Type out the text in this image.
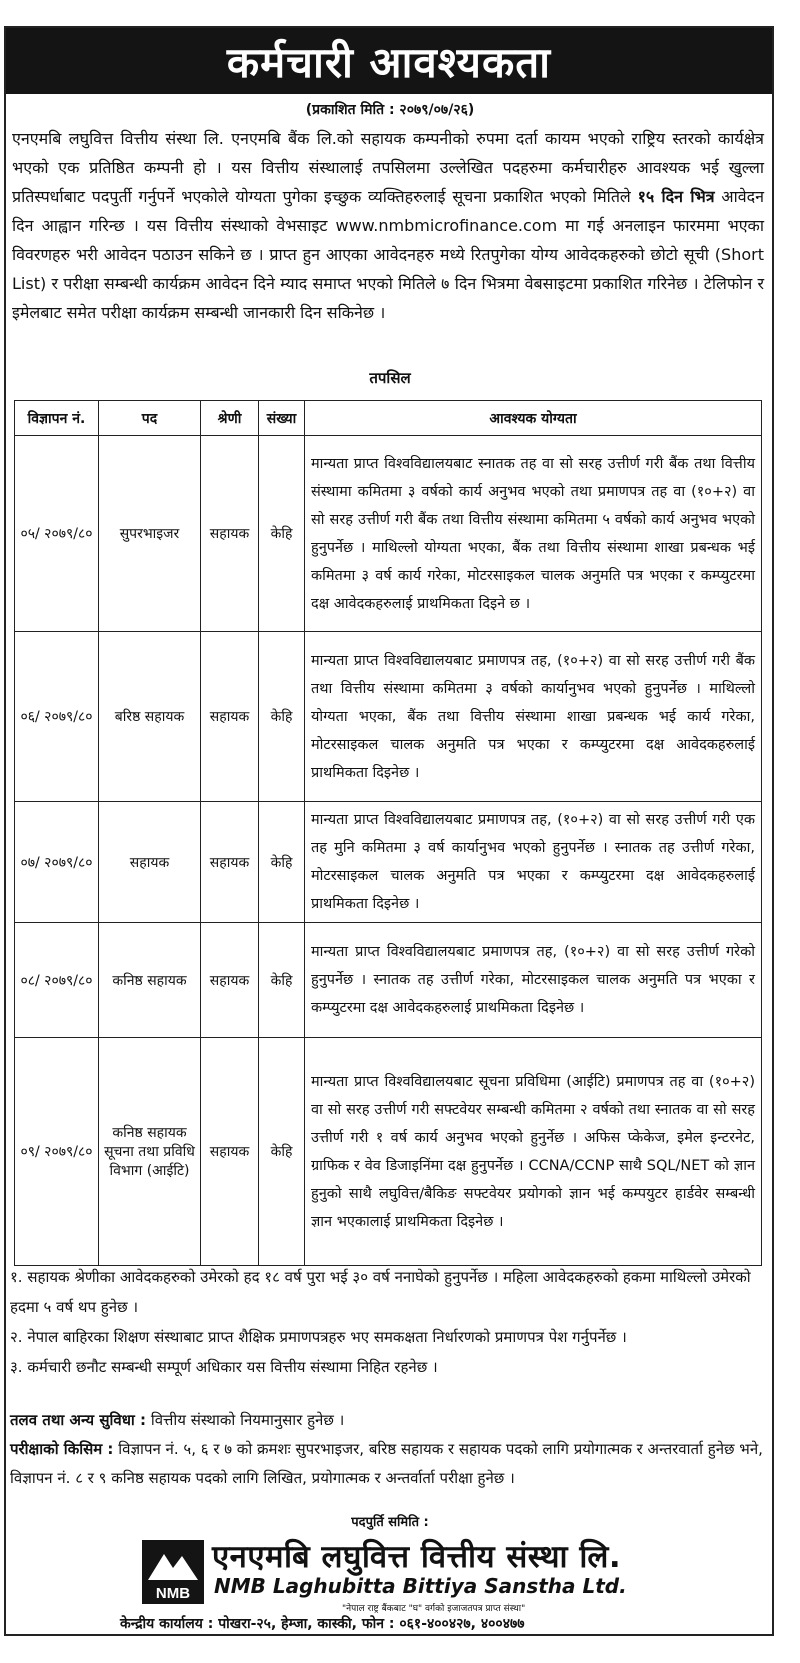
कर्मचारी आवश्यकता
(प्रकाशित मिति : २०७९/०७/२६)
एनएमबि लघुवित्त वित्तीय संस्था लि. एनएमबि बैंक लि.को सहायक कम्पनीको रुपमा दर्ता कायम भएको राष्ट्रिय स्तरको कार्यक्षेत्र भएको एक प्रतिष्ठित कम्पनी हो । यस वित्तीय संस्थालाई तपसिलमा उल्लेखित पदहरुमा कर्मचारीहरु आवश्यक भई खुल्ला प्रतिस्पर्धाबाट पदपुर्ती गर्नुपर्ने भएकोले योग्यता पुगेका इच्छुक व्यक्तिहरुलाई सूचना प्रकाशित भएको मितिले १५ दिन भित्र आवेदन दिन आह्वान गरिन्छ । यस वित्तीय संस्थाको वेभसाइट www.nmbmicrofinance.com मा गई अनलाइन फारममा भएका विवरणहरु भरी आवेदन पठाउन सकिने छ । प्राप्त हुन आएका आवेदनहरु मध्ये रितपुगेका योग्य आवेदकहरुको छोटो सूची (Short List) र परीक्षा सम्बन्धी कार्यक्रम आवेदन दिने म्याद समाप्त भएको मितिले ७ दिन भित्रमा वेबसाइटमा प्रकाशित गरिनेछ । टेलिफोन र इमेलबाट समेत परीक्षा कार्यक्रम सम्बन्धी जानकारी दिन सकिनेछ ।
तपसिल
विज्ञापन नं.	पद	श्रेणी	संख्या	आवश्यक योग्यता
०५/ २०७९/८०	सुपरभाइजर	सहायक	केहि	मान्यता प्राप्त विश्वविद्यालयबाट स्नातक तह वा सो सरह उत्तीर्ण गरी बैंक तथा वित्तीय संस्थामा कमितमा ३ वर्षको कार्य अनुभव भएको तथा प्रमाणपत्र तह वा (१०+२) वा सो सरह उत्तीर्ण गरी बैंक तथा वित्तीय संस्थामा कमितमा ५ वर्षको कार्य अनुभव भएको हुनुपर्नेछ । माथिल्लो योग्यता भएका, बैंक तथा वित्तीय संस्थामा शाखा प्रबन्धक भई कमितमा ३ वर्ष कार्य गरेका, मोटरसाइकल चालक अनुमति पत्र भएका र कम्प्युटरमा दक्ष आवेदकहरुलाई प्राथमिकता दिइने छ ।
०६/ २०७९/८०	बरिष्ठ सहायक	सहायक	केहि	मान्यता प्राप्त विश्वविद्यालयबाट प्रमाणपत्र तह, (१०+२) वा सो सरह उत्तीर्ण गरी बैंक तथा वित्तीय संस्थामा कमितमा ३ वर्षको कार्यानुभव भएको हुनुपर्नेछ । माथिल्लो योग्यता भएका, बैंक तथा वित्तीय संस्थामा शाखा प्रबन्धक भई कार्य गरेका, मोटरसाइकल चालक अनुमति पत्र भएका र कम्प्युटरमा दक्ष आवेदकहरुलाई प्राथमिकता दिइनेछ ।
०७/ २०७९/८०	सहायक	सहायक	केहि	मान्यता प्राप्त विश्वविद्यालयबाट प्रमाणपत्र तह, (१०+२) वा सो सरह उत्तीर्ण गरी एक तह मुनि कमितमा ३ वर्ष कार्यानुभव भएको हुनुपर्नेछ । स्नातक तह उत्तीर्ण गरेका, मोटरसाइकल चालक अनुमति पत्र भएका र कम्प्युटरमा दक्ष आवेदकहरुलाई प्राथमिकता दिइनेछ ।
०८/ २०७९/८०	कनिष्ठ सहायक	सहायक	केहि	मान्यता प्राप्त विश्वविद्यालयबाट प्रमाणपत्र तह, (१०+२) वा सो सरह उत्तीर्ण गरेको हुनुपर्नेछ । स्नातक तह उत्तीर्ण गरेका, मोटरसाइकल चालक अनुमति पत्र भएका र कम्प्युटरमा दक्ष आवेदकहरुलाई प्राथमिकता दिइनेछ ।
०९/ २०७९/८०	कनिष्ठ सहायक सूचना तथा प्रविधि विभाग (आईटि)	सहायक	केहि	मान्यता प्राप्त विश्वविद्यालयबाट सूचना प्रविधिमा (आईटि) प्रमाणपत्र तह वा (१०+२) वा सो सरह उत्तीर्ण गरी सफ्टवेयर सम्बन्धी कमितमा २ वर्षको तथा स्नातक वा सो सरह उत्तीर्ण गरी १ वर्ष कार्य अनुभव भएको हुनुर्नेछ । अफिस प्केकेज, इमेल इन्टरनेट, ग्राफिक र वेव डिजाइनिंमा दक्ष हुनुपर्नेछ । CCNA/CCNP साथै SQL/NET को ज्ञान हुनुको साथै लघुवित्त/बैकिङ सफ्टवेयर प्रयोगको ज्ञान भई कम्पयुटर हार्डवेर सम्बन्धी ज्ञान भएकालाई प्राथमिकता दिइनेछ ।

१. सहायक श्रेणीका आवेदकहरुको उमेरको हद १८ वर्ष पुरा भई ३० वर्ष ननाघेको हुनुपर्नेछ । महिला आवेदकहरुको हकमा माथिल्लो उमेरको हदमा ५ वर्ष थप हुनेछ ।

२. नेपाल बाहिरका शिक्षण संस्थाबाट प्राप्त शैक्षिक प्रमाणपत्रहरु भए समकक्षता निर्धारणको प्रमाणपत्र पेश गर्नुपर्नेछ ।

३. कर्मचारी छनौट सम्बन्धी सम्पूर्ण अधिकार यस वित्तीय संस्थामा निहित रहनेछ ।

तलव तथा अन्य सुविधा : वित्तीय संस्थाको नियमानुसार हुनेछ ।

परीक्षाको किसिम : विज्ञापन नं. ५, ६ र ७ को क्रमशः सुपरभाइजर, बरिष्ठ सहायक र सहायक पदको लागि प्रयोगात्मक र अन्तरवार्ता हुनेछ भने, विज्ञापन नं. ८ र ९ कनिष्ठ सहायक पदको लागि लिखित, प्रयोगात्मक र अन्तर्वार्ता परीक्षा हुनेछ ।

पदपुर्ति समिति :
NMB
एनएमबि लघुवित्त वित्तीय संस्था लि.
NMB Laghubitta Bittiya Sanstha Ltd.
"नेपाल राष्ट्र बैंकबाट "घ" वर्गको इजाजतपत्र प्राप्त संस्था"
केन्द्रीय कार्यालय : पोखरा-२५, हेम्जा, कास्की, फोन : ०६१-४००४२७, ४००४७७
